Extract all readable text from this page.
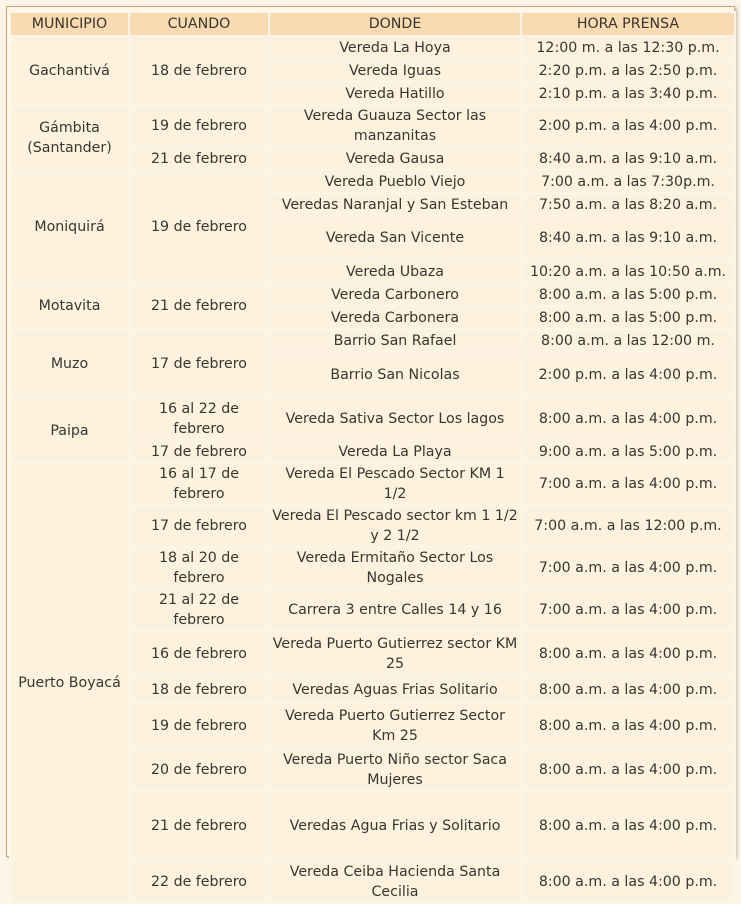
MUNICIPIO	CUANDO	DONDE	HORA PRENSA
Gachantivá	18 de febrero	Vereda La Hoya	12:00 m. a las 12:30 p.m.
		Vereda Iguas	2:20 p.m. a las 2:50 p.m.
		Vereda Hatillo	2:10 p.m. a las 3:40 p.m.
Gámbita (Santander)	19 de febrero	Vereda Guauza Sector las manzanitas	2:00 p.m. a las 4:00 p.m.
	21 de febrero	Vereda Gausa	8:40 a.m. a las 9:10 a.m.
Moniquirá	19 de febrero	Vereda Pueblo Viejo	7:00 a.m. a las 7:30p.m.
		Veredas Naranjal y San Esteban	7:50 a.m. a las 8:20 a.m.
		Vereda San Vicente	8:40 a.m. a las 9:10 a.m.
		Vereda Ubaza	10:20 a.m. a las 10:50 a.m.
Motavita	21 de febrero	Vereda Carbonero	8:00 a.m. a las 5:00 p.m.
		Vereda Carbonera	8:00 a.m. a las 5:00 p.m.
Muzo	17 de febrero	Barrio San Rafael	8:00 a.m. a las 12:00 m.
		Barrio San Nicolas	2:00 p.m. a las 4:00 p.m.
Paipa	16 al 22 de febrero	Vereda Sativa Sector Los lagos	8:00 a.m. a las 4:00 p.m.
	17 de febrero	Vereda La Playa	9:00 a.m. a las 5:00 p.m.
Puerto Boyacá	16 al 17 de febrero	Vereda El Pescado Sector KM 1 1/2	7:00 a.m. a las 4:00 p.m.
	17 de febrero	Vereda El Pescado sector km 1 1/2 y 2 1/2	7:00 a.m. a las 12:00 p.m.
	18 al 20 de febrero	Vereda Ermitaño Sector Los Nogales	7:00 a.m. a las 4:00 p.m.
	21 al 22 de febrero	Carrera 3 entre Calles 14 y 16	7:00 a.m. a las 4:00 p.m.
	16 de febrero	Vereda Puerto Gutierrez sector KM 25	8:00 a.m. a las 4:00 p.m.
	18 de febrero	Veredas Aguas Frias Solitario	8:00 a.m. a las 4:00 p.m.
	19 de febrero	Vereda Puerto Gutierrez Sector Km 25	8:00 a.m. a las 4:00 p.m.
	20 de febrero	Vereda Puerto Niño sector Saca Mujeres	8:00 a.m. a las 4:00 p.m.
	21 de febrero	Veredas Agua Frias y Solitario	8:00 a.m. a las 4:00 p.m.
	22 de febrero	Vereda Ceiba Hacienda Santa Cecilia	8:00 a.m. a las 4:00 p.m.
